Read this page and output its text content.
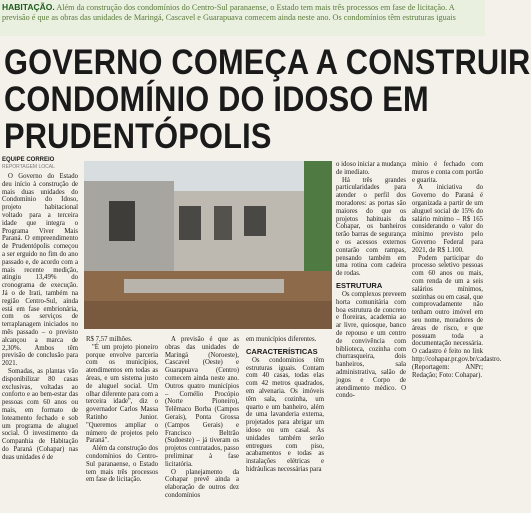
HABITAÇÃO. Além da construção dos condomínios do Centro-Sul paranaense, o Estado tem mais três processos em fase de licitação. A previsão é que as obras das unidades de Maringá, Cascavel e Guarapuava comecem ainda neste ano. Os condomínios têm estruturas iguais
GOVERNO COMEÇA A CONSTRUIR
CONDOMÍNIO DO IDOSO EM
PRUDENTÓPOLIS
EQUIPE CORREIO
REPORTAGEM LOCAL

O Governo do Estado deu início à construção de mais duas unidades do Condomínio do Idoso, projeto habitacional voltado para a terceira idade que integra o Programa Viver Mais Paraná. O empreendimento de Prudentópolis começou a ser erguido no fim do ano passado e, de acordo com a mais recente medição, atingiu 13,49% do cronograma de execução. Já o de Irati, também na região Centro-Sul, ainda está em fase embrionária, com os serviços de terraplanagem iniciados no mês passado – o previsto alcançou a marca de 2,30%. Ambos têm previsão de conclusão para 2021.

Somadas, as plantas vão disponibilizar 80 casas exclusivas, voltadas ao conforto e ao bem-estar das pessoas com 60 anos ou mais, em formato de loteamento fechado e sob um programa de aluguel social. O investimento da Companhia de Habitação do Paraná (Cohapar) nas duas unidades é de

R$ 7,57 milhões.

"É um projeto pioneiro porque envolve parceria com os municípios, atendimentos em todas as áreas, e um sistema justo de aluguel social. Um olhar diferente para com a terceira idade", diz o governador Carlos Massa Ratinho Junior. "Queremos ampliar o número de projetos pelo Paraná".

Além da construção dos condomínios do Centro-Sul paranaense, o Estado tem mais três processos em fase de licitação.

A previsão é que as obras das unidades de Maringá (Noroeste), Cascavel (Oeste) e Guarapuava (Centro) comecem ainda neste ano. Outros quatro municípios – Cornélio Procópio (Norte Pioneiro), Telêmaco Borba (Campos Gerais), Ponta Grossa (Campos Gerais) e Francisco Beltrão (Sudoeste) – já tiveram os projetos contratados, passo preliminar à fase licitatória.

O planejamento da Cohapar prevê ainda a elaboração de outros dez condomínios

em municípios diferentes.

CARACTERÍSTICAS

Os condomínios têm estruturas iguais. Contam com 40 casas, todas elas com 42 metros quadrados, em alvenaria. Os imóveis têm sala, cozinha, um quarto e um banheiro, além de uma lavanderia externa, projetados para abrigar um idoso ou um casal. As unidades também serão entregues com piso, acabamentos e todas as instalações elétricas e hidráulicas necessárias para

o idoso iniciar a mudança de imediato.

Há três grandes particularidades para atender o perfil dos moradores: as portas são maiores do que os projetos habituais da Cohapar, os banheiros terão barras de segurança e os acessos externos contarão com rampas, pensando também em uma rotina com cadeira de rodas.

ESTRUTURA

Os complexos preveem horta comunitária com boa estrutura de concreto e floreiras, academia ao ar livre, quiosque, banco de repouso e um centro de convivência com biblioteca, cozinha com churrasqueira, dois banheiros, sala administrativa, salão de jogos e Corpo de atendimento médico. O condo-

mínio é fechado com muros e conta com portão e guarita.

A iniciativa do Governo do Paraná é organizada a partir de um aluguel social de 15% do salário mínimo – R$ 165 considerando o valor do mínimo previsto pelo Governo Federal para 2021, de R$ 1.100.

Podem participar do processo seletivo pessoas com 60 anos ou mais, com renda de um a seis salários mínimos, sozinhas ou em casal, que comprovadamente não tenham outro imóvel em seu nome, moradores de áreas de risco, e que possuam toda a documentação necessária. O cadastro é feito no link http://cohapar.pr.gov.br/cadastro. (Reportagem: ANPr; Redação; Foto: Cohapar).
